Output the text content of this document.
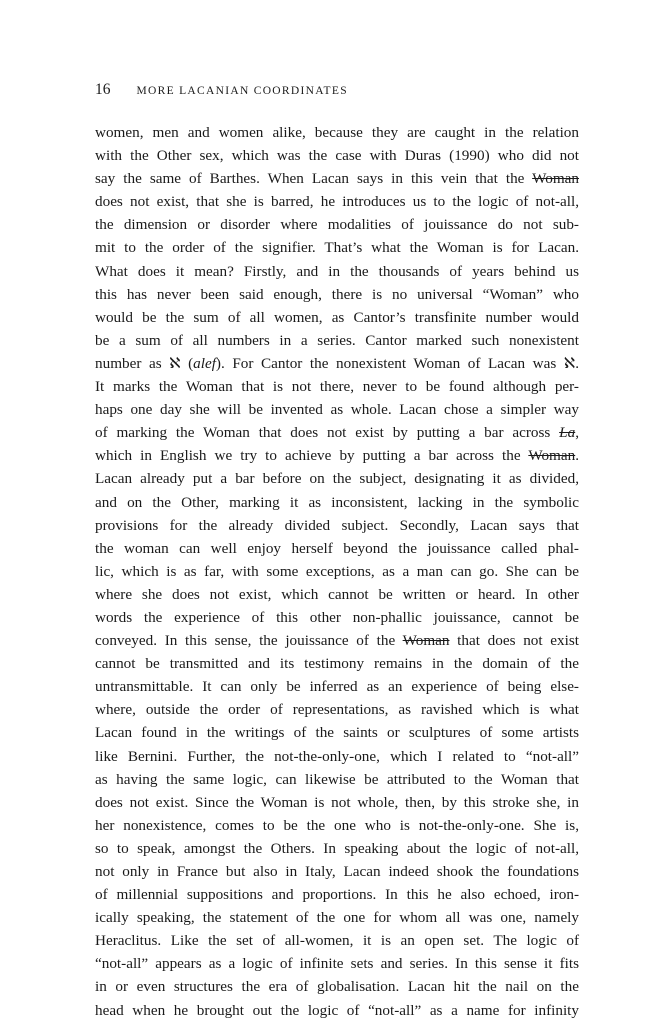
16 MORE LACANIAN COORDINATES
women, men and women alike, because they are caught in the relation
with the Other sex, which was the case with Duras (1990) who did not
say the same of Barthes. When Lacan says in this vein that the Woman
does not exist, that she is barred, he introduces us to the logic of not-all,
the dimension or disorder where modalities of jouissance do not sub-
mit to the order of the signifier. That’s what the Woman is for Lacan.
What does it mean? Firstly, and in the thousands of years behind us
this has never been said enough, there is no universal “Woman” who
would be the sum of all women, as Cantor’s transfinite number would
be a sum of all numbers in a series. Cantor marked such nonexistent
number as ℵ (alef). For Cantor the nonexistent Woman of Lacan was ℵ.
It marks the Woman that is not there, never to be found although per-
haps one day she will be invented as whole. Lacan chose a simpler way
of marking the Woman that does not exist by putting a bar across La,
which in English we try to achieve by putting a bar across the Woman.
Lacan already put a bar before on the subject, designating it as divided,
and on the Other, marking it as inconsistent, lacking in the symbolic
provisions for the already divided subject. Secondly, Lacan says that
the woman can well enjoy herself beyond the jouissance called phal-
lic, which is as far, with some exceptions, as a man can go. She can be
where she does not exist, which cannot be written or heard. In other
words the experience of this other non-phallic jouissance, cannot be
conveyed. In this sense, the jouissance of the Woman that does not exist
cannot be transmitted and its testimony remains in the domain of the
untransmittable. It can only be inferred as an experience of being else-
where, outside the order of representations, as ravished which is what
Lacan found in the writings of the saints or sculptures of some artists
like Bernini. Further, the not-the-only-one, which I related to “not-all”
as having the same logic, can likewise be attributed to the Woman that
does not exist. Since the Woman is not whole, then, by this stroke she, in
her nonexistence, comes to be the one who is not-the-only-one. She is,
so to speak, amongst the Others. In speaking about the logic of not-all,
not only in France but also in Italy, Lacan indeed shook the foundations
of millennial suppositions and proportions. In this he also echoed, iron-
ically speaking, the statement of the one for whom all was one, namely
Heraclitus. Like the set of all-women, it is an open set. The logic of
“not-all” appears as a logic of infinite sets and series. In this sense it fits
in or even structures the era of globalisation. Lacan hit the nail on the
head when he brought out the logic of “not-all” as a name for infinity
